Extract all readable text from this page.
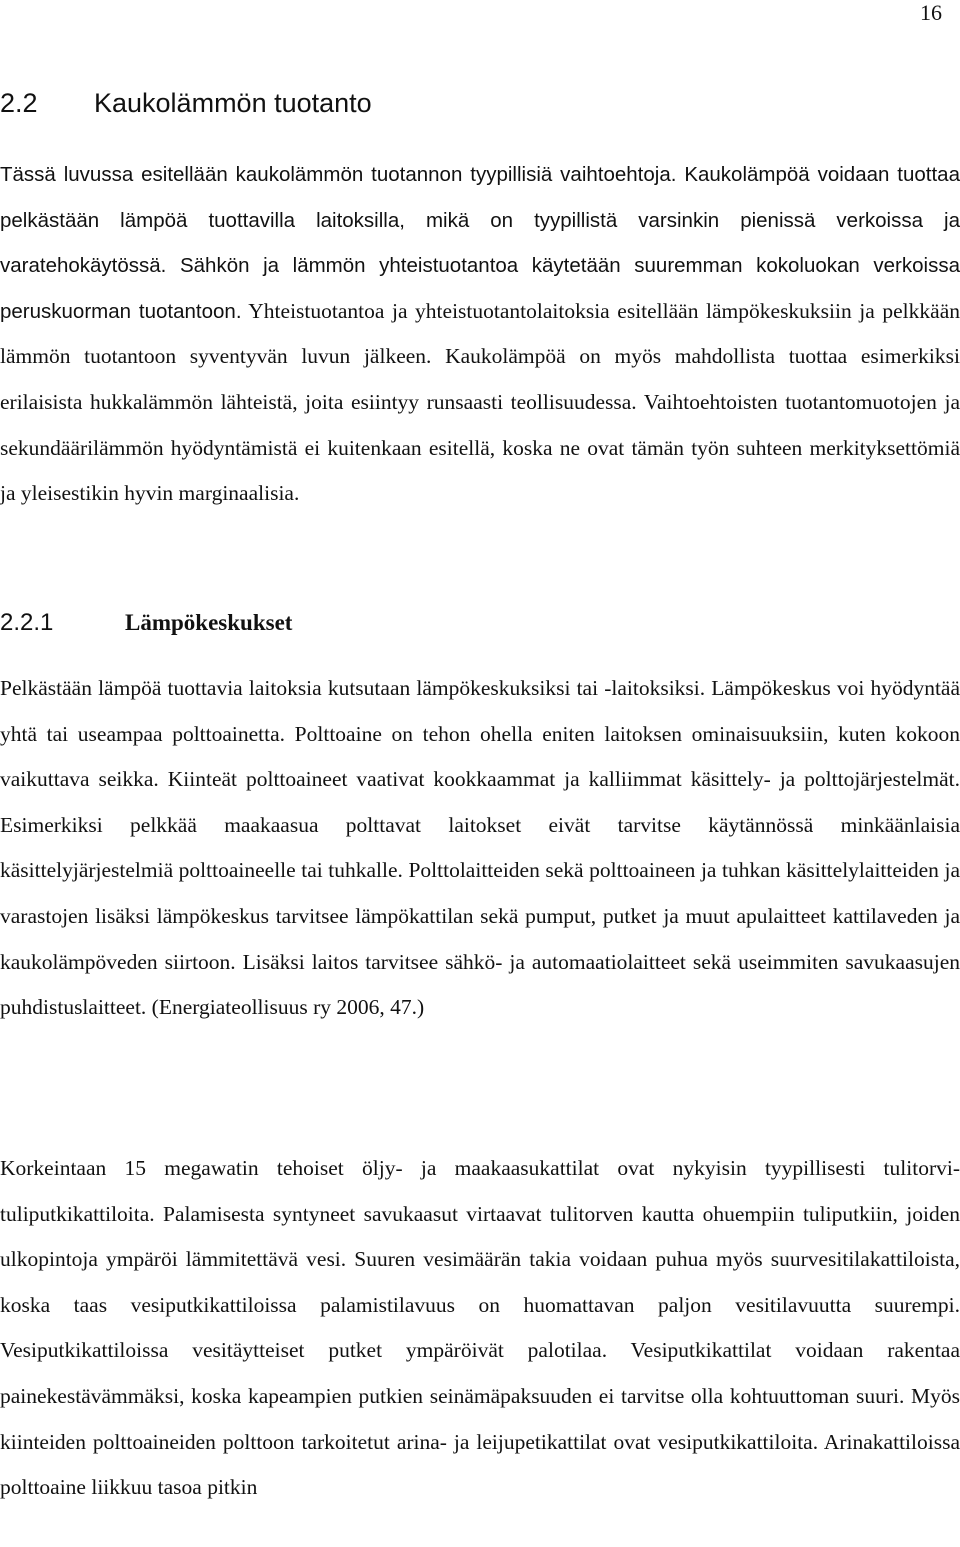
16
2.2 Kaukolämmön tuotanto

Tässä luvussa esitellään kaukolämmön tuotannon tyypillisiä vaihtoehtoja. Kaukolämpöä voidaan tuottaa pelkästään lämpöä tuottavilla laitoksilla, mikä on tyypillistä varsinkin pienissä verkoissa ja varatehokäytössä. Sähkön ja lämmön yhteistuotantoa käytetään suuremman kokoluokan verkoissa peruskuorman tuotantoon. Yhteistuotantoa ja yhteistuotantolaitoksia esitellään lämpökeskuksiin ja pelkkään lämmön tuotantoon syventyvän luvun jälkeen. Kaukolämpöä on myös mahdollista tuottaa esimerkiksi erilaisista hukkalämmön lähteistä, joita esiintyy runsaasti teollisuudessa. Vaihtoehtoisten tuotantomuotojen ja sekundäärilämmön hyödyntämistä ei kuitenkaan esitellä, koska ne ovat tämän työn suhteen merkityksettömiä ja yleisestikin hyvin marginaalisia.

2.2.1	Lämpökeskukset

Pelkästään lämpöä tuottavia laitoksia kutsutaan lämpökeskuksiksi tai -laitoksiksi. Lämpökeskus voi hyödyntää yhtä tai useampaa polttoainetta. Polttoaine on tehon ohella eniten laitoksen ominaisuuksiin, kuten kokoon vaikuttava seikka. Kiinteät polttoaineet vaativat kookkaammat ja kalliimmat käsittely- ja polttojärjestelmät. Esimerkiksi pelkkää maakaasua polttavat laitokset eivät tarvitse käytännössä minkäänlaisia käsittelyjärjestelmiä polttoaineelle tai tuhkalle. Polttolaitteiden sekä polttoaineen ja tuhkan käsittelylaitteiden ja varastojen lisäksi lämpökeskus tarvitsee lämpökattilan sekä pumput, putket ja muut apulaitteet kattilaveden ja kaukolämpöveden siirtoon. Lisäksi laitos tarvitsee sähkö- ja automaatiolaitteet sekä useimmiten savukaasujen puhdistuslaitteet. (Energiateollisuus ry 2006, 47.)

Korkeintaan 15 megawatin tehoiset öljy- ja maakaasukattilat ovat nykyisin tyypillisesti tulitorvi-tuliputkikattiloita. Palamisesta syntyneet savukaasut virtaavat tulitorven kautta ohuempiin tuliputkiin, joiden ulkopintoja ympäröi lämmitettävä vesi. Suuren vesimäärän takia voidaan puhua myös suurvesitilakattiloista, koska taas vesiputkikattiloissa palamistilavuus on huomattavan paljon vesitilavuutta suurempi. Vesiputkikattiloissa vesitäytteiset putket ympäröivät palotilaa. Vesiputkikattilat voidaan rakentaa painekestävämmäksi, koska kapeampien putkien seinämäpaksuuden ei tarvitse olla kohtuuttoman suuri. Myös kiinteiden polttoaineiden polttoon tarkoitetut arina- ja leijupetikattilat ovat vesiputkikattiloita. Arinakattiloissa polttoaine liikkuu tasoa pitkin
